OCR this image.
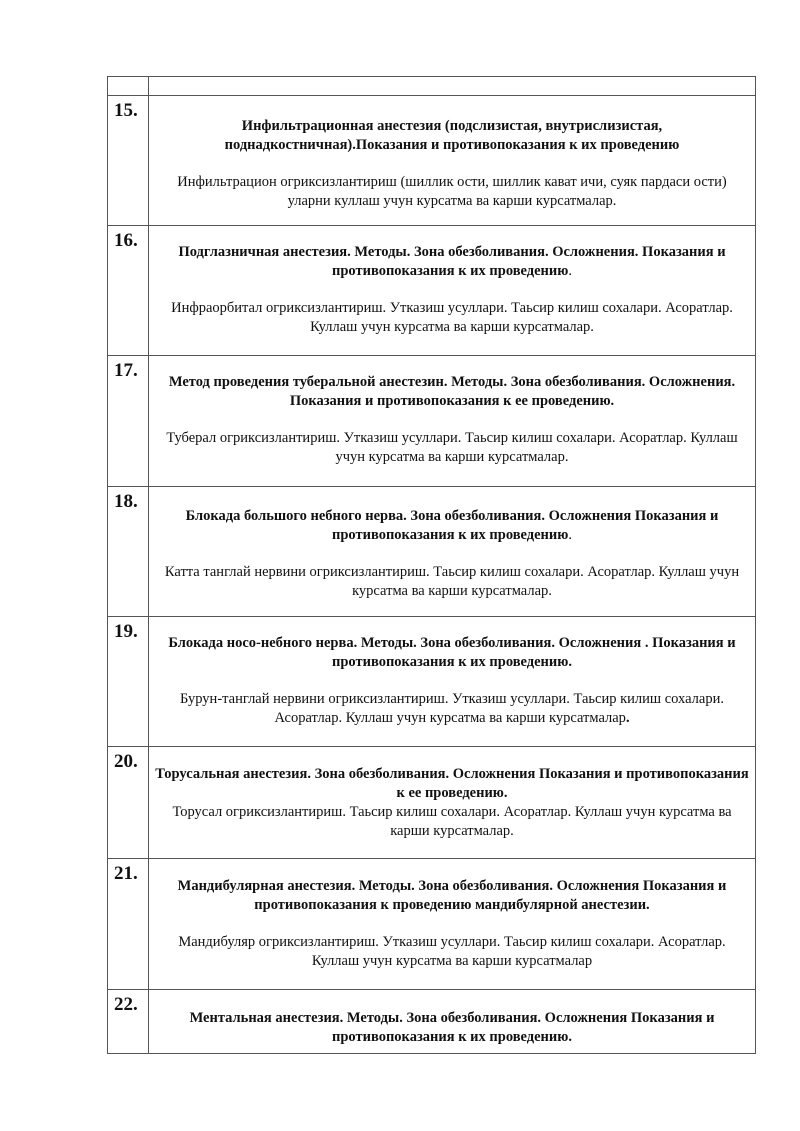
15.	Инфильтрационная анестезия (подслизистая, внутрислизистая, поднадкостничная).Показания и противопоказания к их проведению

Инфильтрацион огриксизлантириш (шиллик ости, шиллик кават ичи, суяк пардаси ости) уларни куллаш учун курсатма ва карши курсатмалар.

16.	Подглазничная анестезия. Методы. Зона обезболивания. Осложнения. Показания и противопоказания к их проведению.

Инфраорбитал огриксизлантириш. Утказиш усуллари. Таьсир килиш сохалари. Асоратлар. Куллаш учун курсатма ва карши курсатмалар.

17.	Метод проведения туберальной анестезин. Методы. Зона обезболивания. Осложнения. Показания и противопоказания к ее проведению.

Туберал огриксизлантириш. Утказиш усуллари. Таьсир килиш сохалари. Асоратлар. Куллаш учун курсатма ва карши курсатмалар.

18.	Блокада большого небного нерва. Зона обезболивания. Осложнения Показания и противопоказания к их проведению.

Катта танглай нервини огриксизлантириш. Таьсир килиш сохалари. Асоратлар. Куллаш учун курсатма ва карши курсатмалар.

19.	Блокада носо-небного нерва. Методы. Зона обезболивания. Осложнения . Показания и противопоказания к их проведению.

Бурун-танглай нервини огриксизлантириш. Утказиш усуллари. Таьсир килиш сохалари. Асоратлар. Куллаш учун курсатма ва карши курсатмалар.

20.	Торусальная анестезия. Зона обезболивания. Осложнения Показания и противопоказания к ее проведению.

Торусал огриксизлантириш. Таьсир килиш сохалари. Асоратлар. Куллаш учун курсатма ва карши курсатмалар.

21.	Мандибулярная анестезия. Методы. Зона обезболивания. Осложнения Показания и противопоказания к проведению мандибулярной анестезии.

Мандибуляр огриксизлантириш. Утказиш усуллари. Таьсир килиш сохалари. Асоратлар. Куллаш учун курсатма ва карши курсатмалар

22.	Ментальная анестезия. Методы. Зона обезболивания. Осложнения Показания и противопоказания к их проведению.
